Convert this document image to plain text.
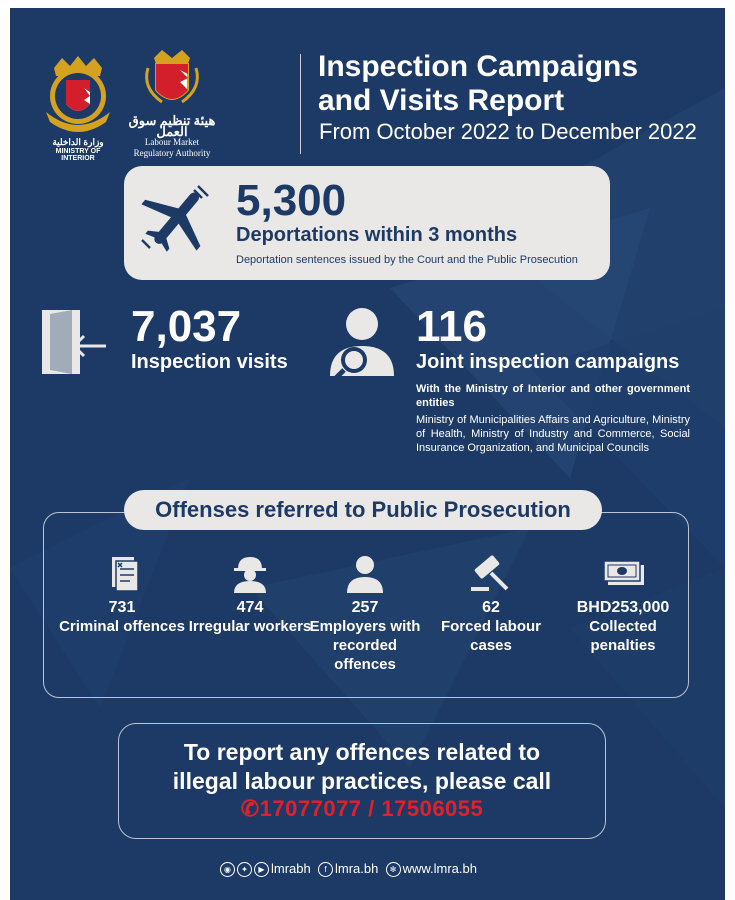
وزارة الداخلية
MINISTRY OF INTERIOR
هيئة تنظيم سوق العمل
Labour Market
Regulatory Authority
Inspection Campaigns
and Visits Report
From October 2022 to December 2022
5,300
Deportations within 3 months
Deportation sentences issued by the Court and the Public Prosecution
7,037
Inspection visits
116
Joint inspection campaigns
With the Ministry of Interior and other government entities
Ministry of Municipalities Affairs and Agriculture, Ministry of Health, Ministry of Industry and Commerce, Social Insurance Organization, and Municipal Councils
Offenses referred to Public Prosecution
731
Criminal offences
474
Irregular workers
257
Employers with recorded offences
62
Forced labour cases
BHD253,000
Collected penalties
To report any offences related to
illegal labour practices, please call
✆17077077 / 17506055
◉ ✦ ▶ lmrabh f lmra.bh ✻ www.lmra.bh
